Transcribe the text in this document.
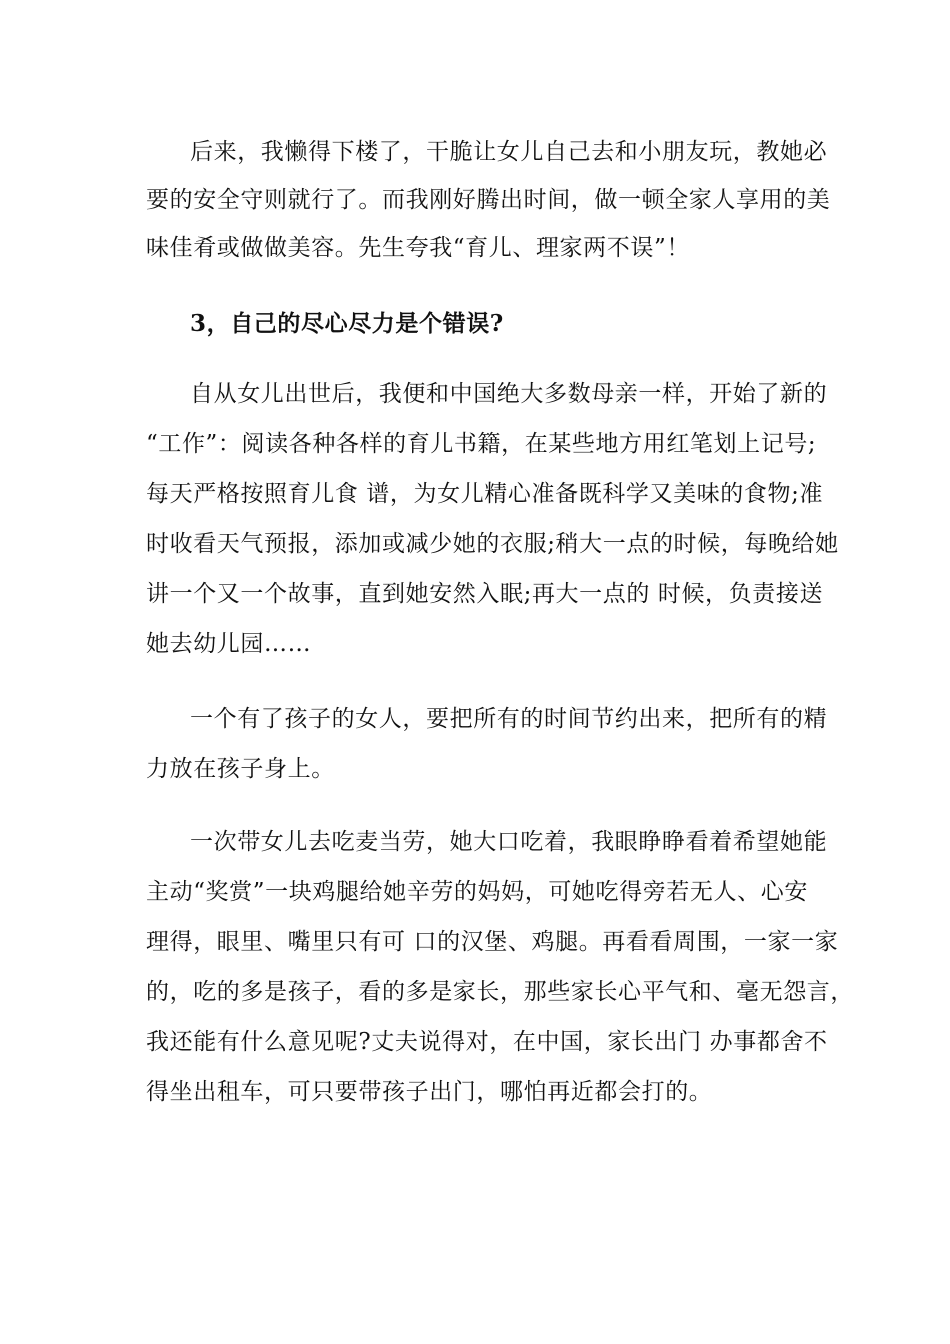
后来，我懒得下楼了，干脆让女儿自己去和小朋友玩，教她必
要的安全守则就行了。而我刚好腾出时间，做一顿全家人享用的美
味佳肴或做做美容。先生夸我“育儿、理家两不误”！
3，自己的尽心尽力是个错误?
自从女儿出世后，我便和中国绝大多数母亲一样，开始了新的
“工作”：阅读各种各样的育儿书籍，在某些地方用红笔划上记号;
每天严格按照育儿食 谱，为女儿精心准备既科学又美味的食物;准
时收看天气预报，添加或减少她的衣服;稍大一点的时候，每晚给她
讲一个又一个故事，直到她安然入眠;再大一点的 时候，负责接送
她去幼儿园……
一个有了孩子的女人，要把所有的时间节约出来，把所有的精
力放在孩子身上。
一次带女儿去吃麦当劳，她大口吃着，我眼睁睁看着希望她能
主动“奖赏”一块鸡腿给她辛劳的妈妈，可她吃得旁若无人、心安
理得，眼里、嘴里只有可 口的汉堡、鸡腿。再看看周围，一家一家
的，吃的多是孩子，看的多是家长，那些家长心平气和、毫无怨言，
我还能有什么意见呢?丈夫说得对，在中国，家长出门 办事都舍不
得坐出租车，可只要带孩子出门，哪怕再近都会打的。
